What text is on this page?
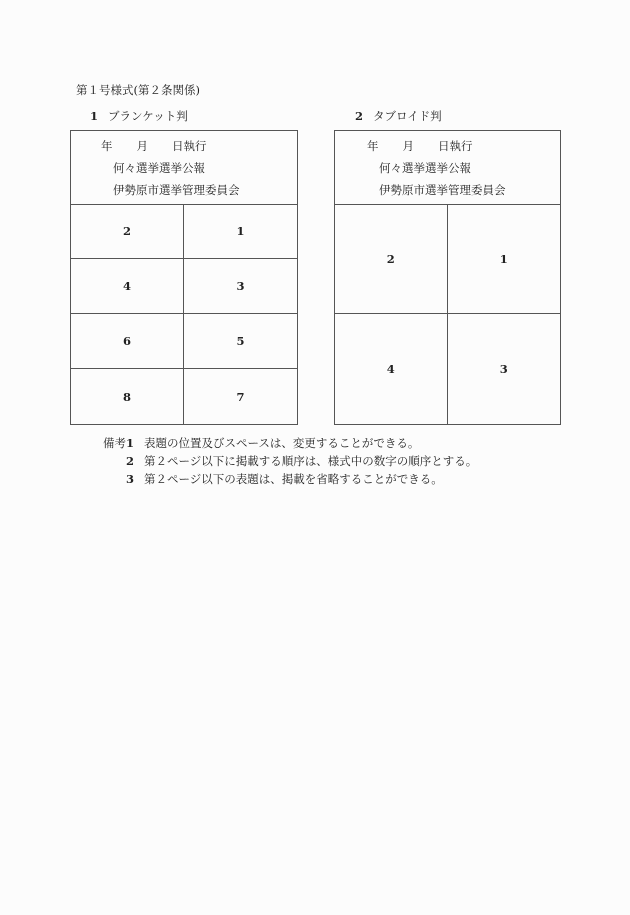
第１号様式(第２条関係)
1 ブランケット判	2 タブロイド判
年 月 日執行
何々選挙選挙公報
伊勢原市選挙管理委員会
2	1
4	3
6	5
8	7
年 月 日執行
何々選挙選挙公報
伊勢原市選挙管理委員会
2	1
4	3
備考1 表題の位置及びスペースは、変更することができる。
2 第２ページ以下に掲載する順序は、様式中の数字の順序とする。
3 第２ページ以下の表題は、掲載を省略することができる。
